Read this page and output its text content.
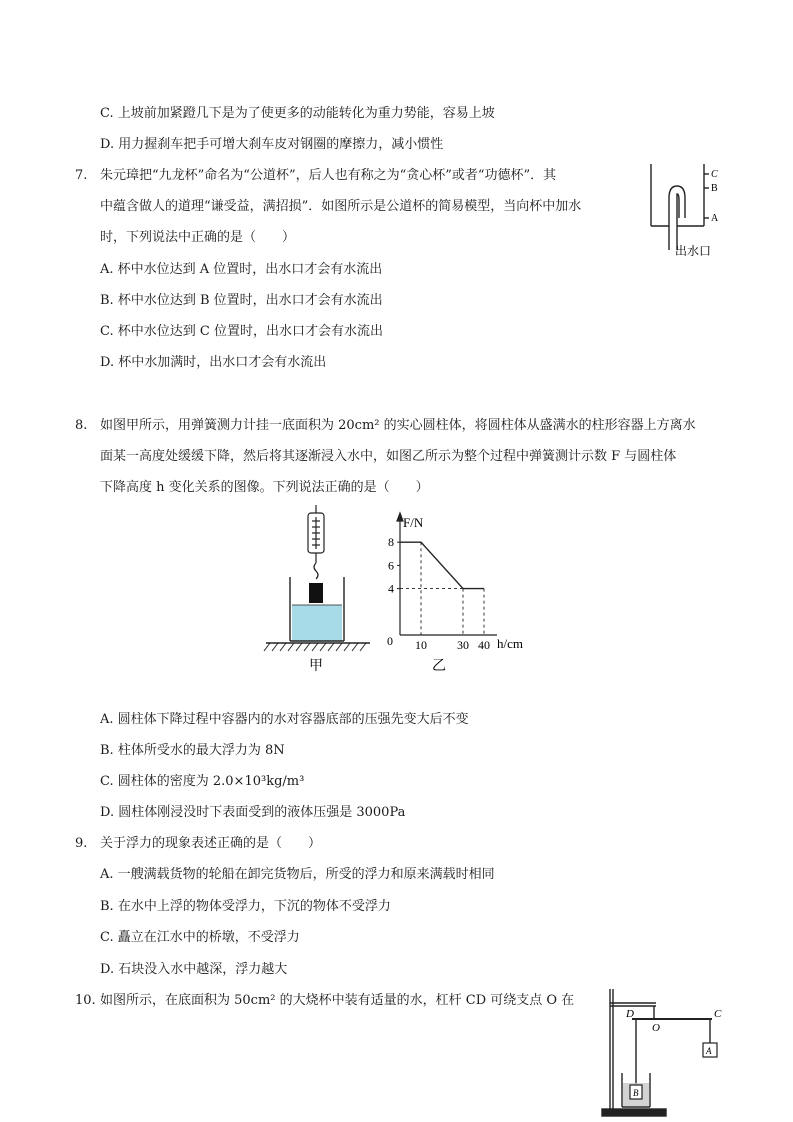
C. 上坡前加紧蹬几下是为了使更多的动能转化为重力势能，容易上坡
D. 用力握刹车把手可增大刹车皮对钢圈的摩擦力，减小惯性
7. 朱元璋把“九龙杯”命名为“公道杯”，后人也有称之为“贪心杯”或者“功德杯”．其
中蕴含做人的道理“谦受益，满招损”．如图所示是公道杯的简易模型，当向杯中加水
时，下列说法中正确的是（　　）
A. 杯中水位达到 A 位置时，出水口才会有水流出
B. 杯中水位达到 B 位置时，出水口才会有水流出
C. 杯中水位达到 C 位置时，出水口才会有水流出
D. 杯中水加满时，出水口才会有水流出
C
B
A
出水口
8. 如图甲所示，用弹簧测力计挂一底面积为 20cm² 的实心圆柱体，将圆柱体从盛满水的柱形容器上方离水
面某一高度处缓缓下降，然后将其逐渐浸入水中，如图乙所示为整个过程中弹簧测计示数 F 与圆柱体
下降高度 h 变化关系的图像。下列说法正确的是（　　）
甲
F/N
0	h/cm
10	30 40
8
6
4
乙
A. 圆柱体下降过程中容器内的水对容器底部的压强先变大后不变
B. 柱体所受水的最大浮力为 8N
C. 圆柱体的密度为 2.0×10³kg/m³
D. 圆柱体刚浸没时下表面受到的液体压强是 3000Pa
9. 关于浮力的现象表述正确的是（　　）
A. 一艘满载货物的轮船在卸完货物后，所受的浮力和原来满载时相同
B. 在水中上浮的物体受浮力，下沉的物体不受浮力
C. 矗立在江水中的桥墩，不受浮力
D. 石块没入水中越深，浮力越大
10. 如图所示，在底面积为 50cm² 的大烧杯中装有适量的水，杠杆 CD 可绕支点 O 在
D
O
C
A
B
